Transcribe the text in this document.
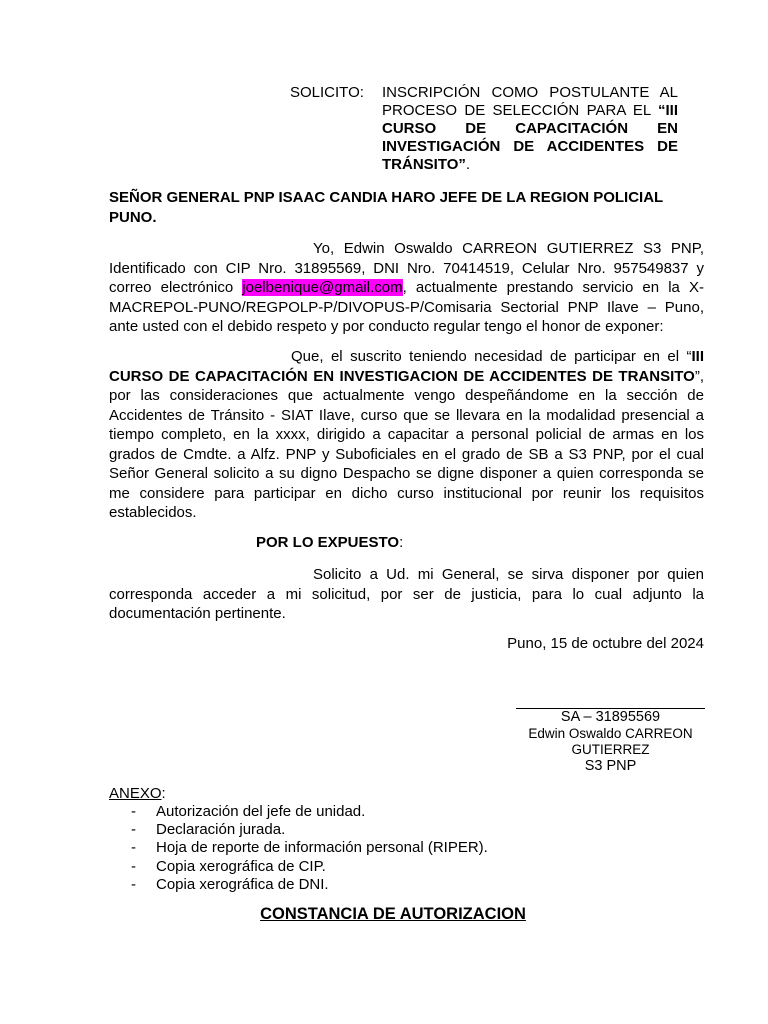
SOLICITO: INSCRIPCIÓN COMO POSTULANTE AL PROCESO DE SELECCIÓN PARA EL “III CURSO DE CAPACITACIÓN EN INVESTIGACIÓN DE ACCIDENTES DE TRÁNSITO”.
SEÑOR GENERAL PNP ISAAC CANDIA HARO JEFE DE LA REGION POLICIAL PUNO.
Yo, Edwin Oswaldo CARREON GUTIERREZ S3 PNP, Identificado con CIP Nro. 31895569, DNI Nro. 70414519, Celular Nro. 957549837 y correo electrónico joelbenique@gmail.com, actualmente prestando servicio en la X-MACREPOL-PUNO/REGPOLP-P/DIVOPUS-P/Comisaria Sectorial PNP Ilave – Puno, ante usted con el debido respeto y por conducto regular tengo el honor de exponer:
Que, el suscrito teniendo necesidad de participar en el “III CURSO DE CAPACITACIÓN EN INVESTIGACION DE ACCIDENTES DE TRANSITO”, por las consideraciones que actualmente vengo despeñándome en la sección de Accidentes de Tránsito - SIAT Ilave, curso que se llevara en la modalidad presencial a tiempo completo, en la xxxx, dirigido a capacitar a personal policial de armas en los grados de Cmdte. a Alfz. PNP y Suboficiales en el grado de SB a S3 PNP, por el cual Señor General solicito a su digno Despacho se digne disponer a quien corresponda se me considere para participar en dicho curso institucional por reunir los requisitos establecidos.
POR LO EXPUESTO:
Solicito a Ud. mi General, se sirva disponer por quien corresponda acceder a mi solicitud, por ser de justicia, para lo cual adjunto la documentación pertinente.
Puno, 15 de octubre del 2024
SA – 31895569
Edwin Oswaldo CARREON
GUTIERREZ
S3 PNP
ANEXO:
- Autorización del jefe de unidad.
- Declaración jurada.
- Hoja de reporte de información personal (RIPER).
- Copia xerográfica de CIP.
- Copia xerográfica de DNI.
CONSTANCIA DE AUTORIZACION
